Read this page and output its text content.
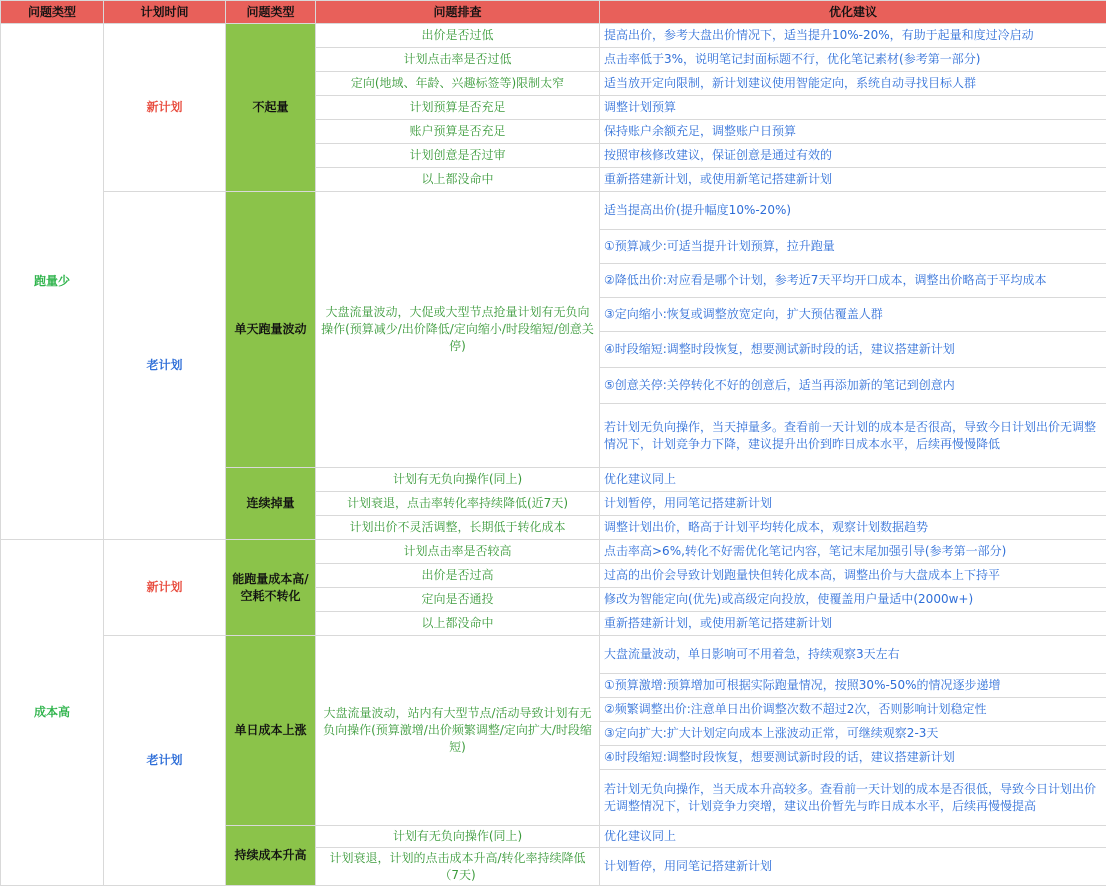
问题类型	计划时间	问题类型	问题排查	优化建议
跑量少	新计划	不起量	出价是否过低	提高出价，参考大盘出价情况下，适当提升10%-20%，有助于起量和度过冷启动
			计划点击率是否过低	点击率低于3%，说明笔记封面标题不行，优化笔记素材(参考第一部分)
			定向(地域、年龄、兴趣标签等)限制太窄	适当放开定向限制，新计划建议使用智能定向，系统自动寻找目标人群
			计划预算是否充足	调整计划预算
			账户预算是否充足	保持账户余额充足，调整账户日预算
			计划创意是否过审	按照审核修改建议，保证创意是通过有效的
			以上都没命中	重新搭建新计划，或使用新笔记搭建新计划
	老计划	单天跑量波动	大盘流量波动，大促或大型节点抢量计划有无负向操作(预算减少/出价降低/定向缩小/时段缩短/创意关停)	适当提高出价(提升幅度10%-20%)

				①预算减少:可适当提升计划预算，拉升跑量

				②降低出价:对应看是哪个计划，参考近7天平均开口成本，调整出价略高于平均成本
				③定向缩小:恢复或调整放宽定向，扩大预估覆盖人群

				④时段缩短:调整时段恢复，想要测试新时段的话，建议搭建新计划

				⑤创意关停:关停转化不好的创意后，适当再添加新的笔记到创意内
				若计划无负向操作，当天掉量多。查看前一天计划的成本是否很高，导致今日计划出价无调整情况下，计划竞争力下降，建议提升出价到昨日成本水平，后续再慢慢降低
		连续掉量	计划有无负向操作(同上)	优化建议同上
			计划衰退，点击率转化率持续降低(近7天)	计划暂停，用同笔记搭建新计划
			计划出价不灵活调整，长期低于转化成本	调整计划出价，略高于计划平均转化成本，观察计划数据趋势
成本高	新计划	能跑量成本高/空耗不转化	计划点击率是否较高	点击率高>6%,转化不好需优化笔记内容，笔记末尾加强引导(参考第一部分)
			出价是否过高	过高的出价会导致计划跑量快但转化成本高，调整出价与大盘成本上下持平
			定向是否通投	修改为智能定向(优先)或高级定向投放，使覆盖用户量适中(2000w+)
			以上都没命中	重新搭建新计划，或使用新笔记搭建新计划
	老计划	单日成本上涨	大盘流量波动，站内有大型节点/活动导致计划有无负向操作(预算激增/出价频繁调整/定向扩大/时段缩短)	大盘流量波动，单日影响可不用着急，持续观察3天左右

				①预算激增:预算增加可根据实际跑量情况，按照30%-50%的情况逐步递增
				②频繁调整出价:注意单日出价调整次数不超过2次，否则影响计划稳定性

				③定向扩大:扩大计划定向成本上涨波动正常，可继续观察2-3天

				④时段缩短:调整时段恢复，想要测试新时段的话，建议搭建新计划

				若计划无负向操作，当天成本升高较多。查看前一天计划的成本是否很低，导致今日计划出价无调整情况下，计划竞争力突增，建议出价暂先与昨日成本水平，后续再慢慢提高
		持续成本升高	计划有无负向操作(同上)	优化建议同上
			计划衰退，计划的点击成本升高/转化率持续降低（7天)	计划暂停，用同笔记搭建新计划
